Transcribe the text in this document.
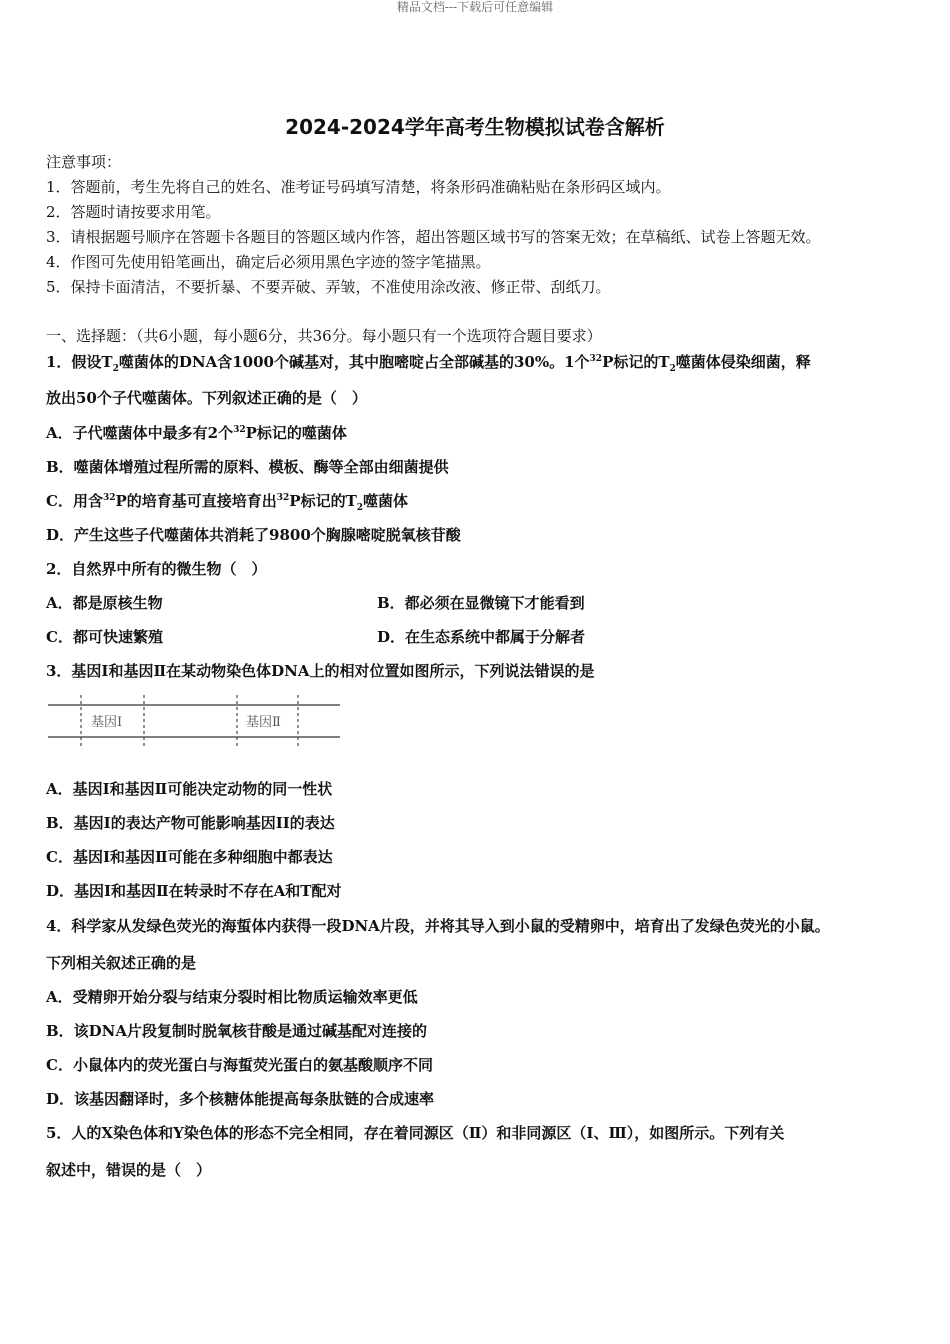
精品文档---下载后可任意编辑
2024-2024学年高考生物模拟试卷含解析
注意事项：
1．答题前，考生先将自己的姓名、准考证号码填写清楚，将条形码准确粘贴在条形码区域内。
2．答题时请按要求用笔。
3．请根据题号顺序在答题卡各题目的答题区域内作答，超出答题区域书写的答案无效；在草稿纸、试卷上答题无效。
4．作图可先使用铅笔画出，确定后必须用黑色字迹的签字笔描黑。
5．保持卡面清洁，不要折暴、不要弄破、弄皱，不准使用涂改液、修正带、刮纸刀。
一、选择题：（共6小题，每小题6分，共36分。每小题只有一个选项符合题目要求）
1．假设$T_2$噬菌体的DNA含1000个碱基对，其中胞嘧啶占全部碱基的30%。1个$^{32}$P标记的$T_2$噬菌体侵染细菌，释
放出50个子代噬菌体。下列叙述正确的是（　）
A．子代噬菌体中最多有2个$^{32}$P标记的噬菌体
B．噬菌体增殖过程所需的原料、模板、酶等全部由细菌提供
C．用含$^{32}$P的培育基可直接培育出$^{32}$P标记的$T_2$噬菌体
D．产生这些子代噬菌体共消耗了9800个胸腺嘧啶脱氧核苷酸
2．自然界中所有的微生物（　）
A．都是原核生物	B．都必须在显微镜下才能看到
C．都可快速繁殖	D．在生态系统中都属于分解者
3．基因I和基因Ⅱ在某动物染色体DNA上的相对位置如图所示，下列说法错误的是
基因Ⅰ	基因Ⅱ
A．基因I和基因Ⅱ可能决定动物的同一性状
B．基因I的表达产物可能影响基因II的表达
C．基因I和基因Ⅱ可能在多种细胞中都表达
D．基因I和基因Ⅱ在转录时不存在A和T配对
4．科学家从发绿色荧光的海蜇体内获得一段DNA片段，并将其导入到小鼠的受精卵中，培育出了发绿色荧光的小鼠。
下列相关叙述正确的是
A．受精卵开始分裂与结束分裂时相比物质运输效率更低
B．该DNA片段复制时脱氧核苷酸是通过碱基配对连接的
C．小鼠体内的荧光蛋白与海蜇荧光蛋白的氨基酸顺序不同
D．该基因翻译时，多个核糖体能提高每条肽链的合成速率
5．人的X染色体和Y染色体的形态不完全相同，存在着同源区（Ⅱ）和非同源区（Ⅰ、Ⅲ），如图所示。下列有关
叙述中，错误的是（　）
